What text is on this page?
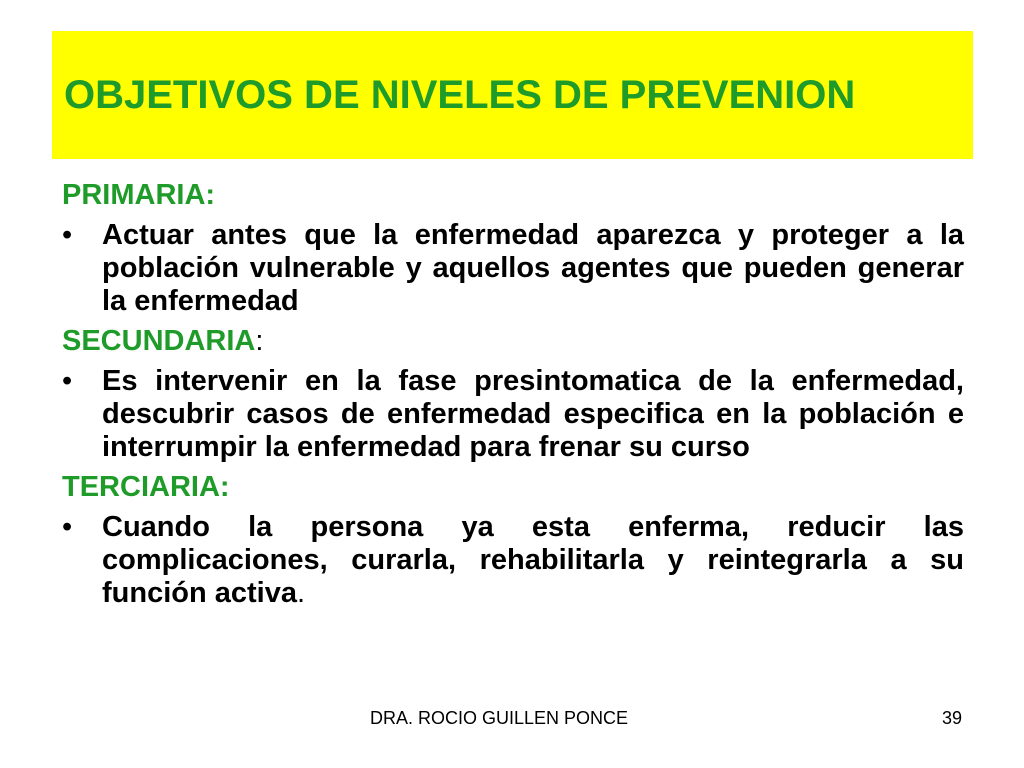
OBJETIVOS DE NIVELES DE PREVENION
PRIMARIA:
•	Actuar antes que la enfermedad aparezca y proteger a la población vulnerable y aquellos agentes que pueden generar la enfermedad
SECUNDARIA:
•	Es intervenir en la fase presintomatica de la enfermedad, descubrir casos de enfermedad especifica en la población e interrumpir la enfermedad para frenar su curso
TERCIARIA:
•	Cuando la persona ya esta enferma, reducir las complicaciones, curarla, rehabilitarla y reintegrarla a su función activa.
DRA. ROCIO GUILLEN PONCE	39
